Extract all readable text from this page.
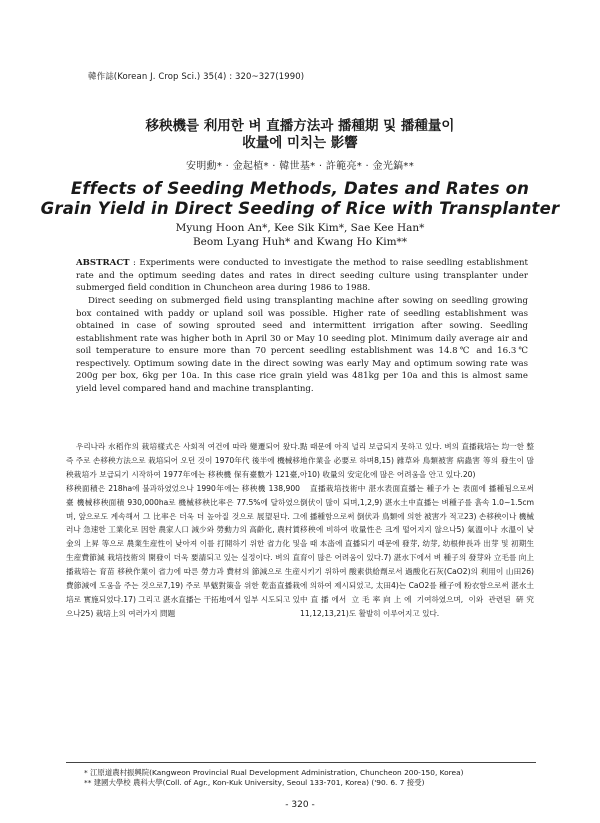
韓作誌(Korean J. Crop Sci.) 35(4) : 320~327(1990)
移秧機를 利用한 벼 直播方法과 播種期 및 播種量이
收量에 미치는 影響
安明勳* · 金起植* · 韓世基* · 許範亮* · 金光鎬**
Effects of Seeding Methods, Dates and Rates on
Grain Yield in Direct Seeding of Rice with Transplanter
Myung Hoon An*, Kee Sik Kim*, Sae Kee Han*
Beom Lyang Huh* and Kwang Ho Kim**

ABSTRACT : Experiments were conducted to investigate the method to raise seedling establishment rate and the optimum seeding dates and rates in direct seeding culture using transplanter under submerged field condition in Chuncheon area during 1986 to 1988.

Direct seeding on submerged field using transplanting machine after sowing on seedling growing box contained with paddy or upland soil was possible. Higher rate of seedling establishment was obtained in case of sowing sprouted seed and intermittent irrigation after sowing. Seedling establishment rate was higher both in April 30 or May 10 seeding plot. Minimum daily average air and soil temperature to ensure more than 70 percent seedling establishment was 14.8℃ and 16.3℃ respectively. Optimum sowing date in the direct sowing was early May and optimum sowing rate was 200g per box, 6kg per 10a. In this case rice grain yield was 481kg per 10a and this is almost same yield level compared hand and machine transplanting.

우리나라 水稻作의 栽培樣式은 사회적 여건에 따라 變遷되어 왔다. 즉 주로 손移秧方法으로 栽培되어 오던 것이 1970年代 後半에 機械移秧栽培가 보급되기 시작하여 1977年에는 移秧機 保有臺數가 121臺, 移秧面積은 218ha에 불과하였었으나 1990年에는 移秧機 138,900臺 機械移秧面積 930,000ha로 機械移秧比率은 77.5%에 달하였으며, 앞으로도 계속해서 그 比率은 더욱 더 높아질 것으로 展望된다. 그러나 急速한 工業化로 因한 農家人口 減少와 勞動力의 高齡化, 農村賃金의 上昇 等으로 農業生産性이 낮아져 이를 打開하기 위한 省力化 및 生産費節減 栽培技術의 開發이 더욱 要請되고 있는 실정이다. 벼의 直播栽培는 育苗 移秧作業이 省力에 따른 勞力과 費材의 節減으로 生産費節減에 도움을 주는 것으로7,19) 주로 旱魃對策을 위한 乾畓直播栽培로 實施되었다.17) 그리고 湛水直播는 干拓地에서 일부 시도되고 있으나25) 栽培上의 여러가지 問題

點 때문에 아직 널리 보급되지 못하고 있다. 벼의 直播栽培는 均一한 整地作業을 必要로 하며8,15) 雜草와 鳥類被害 病蟲害 等의 發生이 많아10) 收量의 安定化에 많은 어려움을 안고 있다.20)

直播栽培技術中 湛水表面直播는 種子가 논 表面에 播種됨으로써 倒伏이 많이 되며,1,2,9) 湛水土中直播는 벼種子를 흙속 1.0~1.5cm에 播種함으로써 倒伏과 鳥類에 의한 被害가 적고23) 손移秧이나 機械移秧에 비하여 收量性은 크게 떨어지지 않으나5) 氣溫이나 水溫이 낮을 때 本畓에 直播되기 때문에 發芽, 幼芽, 幼根伸長과 出芽 및 初期生育이 많은 어려움이 있다.7) 湛水下에서 벼 種子의 發芽와 立毛를 向上시키기 위하여 酸素供給劑로서 過酸化石灰(CaO2)의 利用이 山田26)에 의하여 제시되었고, 太田4)는 CaO2를 種子에 粉衣함으로써 湛水土中直播에서 立毛率向上에 기여하였으며, 이와 관련된 硏究11,12,13,21)도 활발히 이루어지고 있다.

* 江原道農村振興院(Kangweon Provincial Rual Development Administration, Chuncheon 200-150, Korea)
** 建國大學校 農科大學(Coll. of Agr., Kon-Kuk University, Seoul 133-701, Korea) ('90. 6. 7 接受)
- 320 -
